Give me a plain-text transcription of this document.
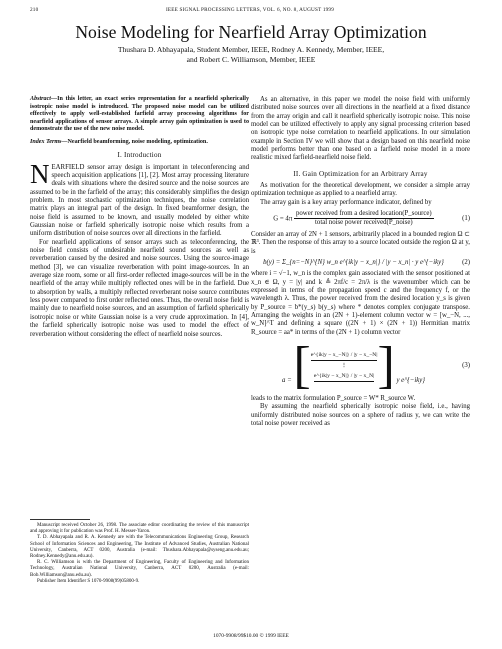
210	IEEE SIGNAL PROCESSING LETTERS, VOL. 6, NO. 8, AUGUST 1999
Noise Modeling for Nearfield Array Optimization
Thushara D. Abhayapala, Student Member, IEEE, Rodney A. Kennedy, Member, IEEE,
and Robert C. Williamson, Member, IEEE
Abstract—In this letter, an exact series representation for a nearfield spherically isotropic noise model is introduced. The proposed noise model can be utilized effectively to apply well-established farfield array processing algorithms for nearfield applications of sensor arrays. A simple array gain optimization is used to demonstrate the use of the new noise model.
Index Terms—Nearfield beamforming, noise modeling, optimization.
I. Introduction

NEARFIELD sensor array design is important in teleconferencing and speech acquisition applications [1], [2]. Most array processing literature deals with situations where the desired source and the noise sources are assumed to be in the farfield of the array; this considerably simplifies the design problem. In most stochastic optimization techniques, the noise correlation matrix plays an integral part of the design. In fixed beamformer design, the noise field is assumed to be known, and usually modeled by either white Gaussian noise or farfield spherically isotropic noise which results from a uniform distribution of noise sources over all directions in the farfield.

For nearfield applications of sensor arrays such as teleconferencing, the noise field consists of undesirable nearfield sound sources as well as reverberation caused by the desired and noise sources. Using the source-image method [3], we can visualize reverberation with point image-sources. In an average size room, some or all first-order reflected image-sources will be in the nearfield of the array while multiply reflected ones will be in the farfield. Due to absorption by walls, a multiply reflected reverberant noise source contributes less power compared to first order reflected ones. Thus, the overall noise field is mainly due to nearfield noise sources, and an assumption of farfield spherically isotropic noise or white Gaussian noise is a very crude approximation. In [4], the farfield spherically isotropic noise was used to model the effect of reverberation without considering the effect of nearfield noise sources.

Manuscript received October 26, 1998. The associate editor coordinating the review of this manuscript and approving it for publication was Prof. H. Messer-Yaron.

T. D. Abhayapala and R. A. Kennedy are with the Telecommunications Engineering Group, Research School of Information Sciences and Engineering, The Institute of Advanced Studies, Australian National University, Canberra, ACT 0200, Australia (e-mail: Thushara.Abhayapala@syseng.anu.edu.au; Rodney.Kennedy@anu.edu.au).

R. C. Williamson is with the Department of Engineering, Faculty of Engineering and Information Technology, Australian National University, Canberra, ACT 0200, Australia (e-mail: Bob.Williamson@anu.edu.au).

Publisher Item Identifier S 1070-9908(99)05800-9.

As an alternative, in this paper we model the noise field with uniformly distributed noise sources over all directions in the nearfield at a fixed distance from the array origin and call it nearfield spherically isotropic noise. This noise model can be utilized effectively to apply any signal processing criterion based on isotropic type noise correlation to nearfield applications. In our simulation example in Section IV we will show that a design based on this nearfield noise model performs better than one based on a farfield noise model in a more realistic mixed farfield-nearfield noise field.

II. Gain Optimization for an Arbitrary Array

As motivation for the theoretical development, we consider a simple array optimization technique as applied to a nearfield array.

The array gain is a key array performance indicator, defined by

$G = 4\pi \frac{\text{power received from a desired location(P\_source)}}{\text{total noise power received(P\_noise)}}$	(1)

Consider an array of 2N + 1 sensors, arbitrarily placed in a bounded region Ω ⊂ ℝ³. Then the response of this array to a source located outside the region Ω at y, is

b(y) = Σ_{n=−N}^{N} w_n e^{ik|y − x_n|} / |y − x_n| · y e^{−iky}	(2)

where i = √−1, w_n is the complex gain associated with the sensor positioned at x_n ∈ Ω, y = |y| and k ≜ 2πf/c = 2π/λ is the wavenumber which can be expressed in terms of the propagation speed c and the frequency f, or the wavelength λ. Thus, the power received from the desired location y_s is given by P_source = b*(y_s) b(y_s) where * denotes complex conjugate transpose. Arranging the weights in an (2N + 1)-element column vector w = [w_−N, ..., w_N]^T and defining a square ((2N + 1) × (2N + 1)) Hermitian matrix R_source = aa* in terms of the (2N + 1) column vector

a = [ e^{ik|y − x_−N|} / |y − x_−N|
⋮
e^{ik|y − x_N|} / |y − x_N| ] y e^{−iky}
(3)

leads to the matrix formulation P_source = W* R_source W.

By assuming the nearfield spherically isotropic noise field, i.e., having uniformly distributed noise sources on a sphere of radius y, we can write the total noise power received as

1070-9908/99$10.00 © 1999 IEEE
